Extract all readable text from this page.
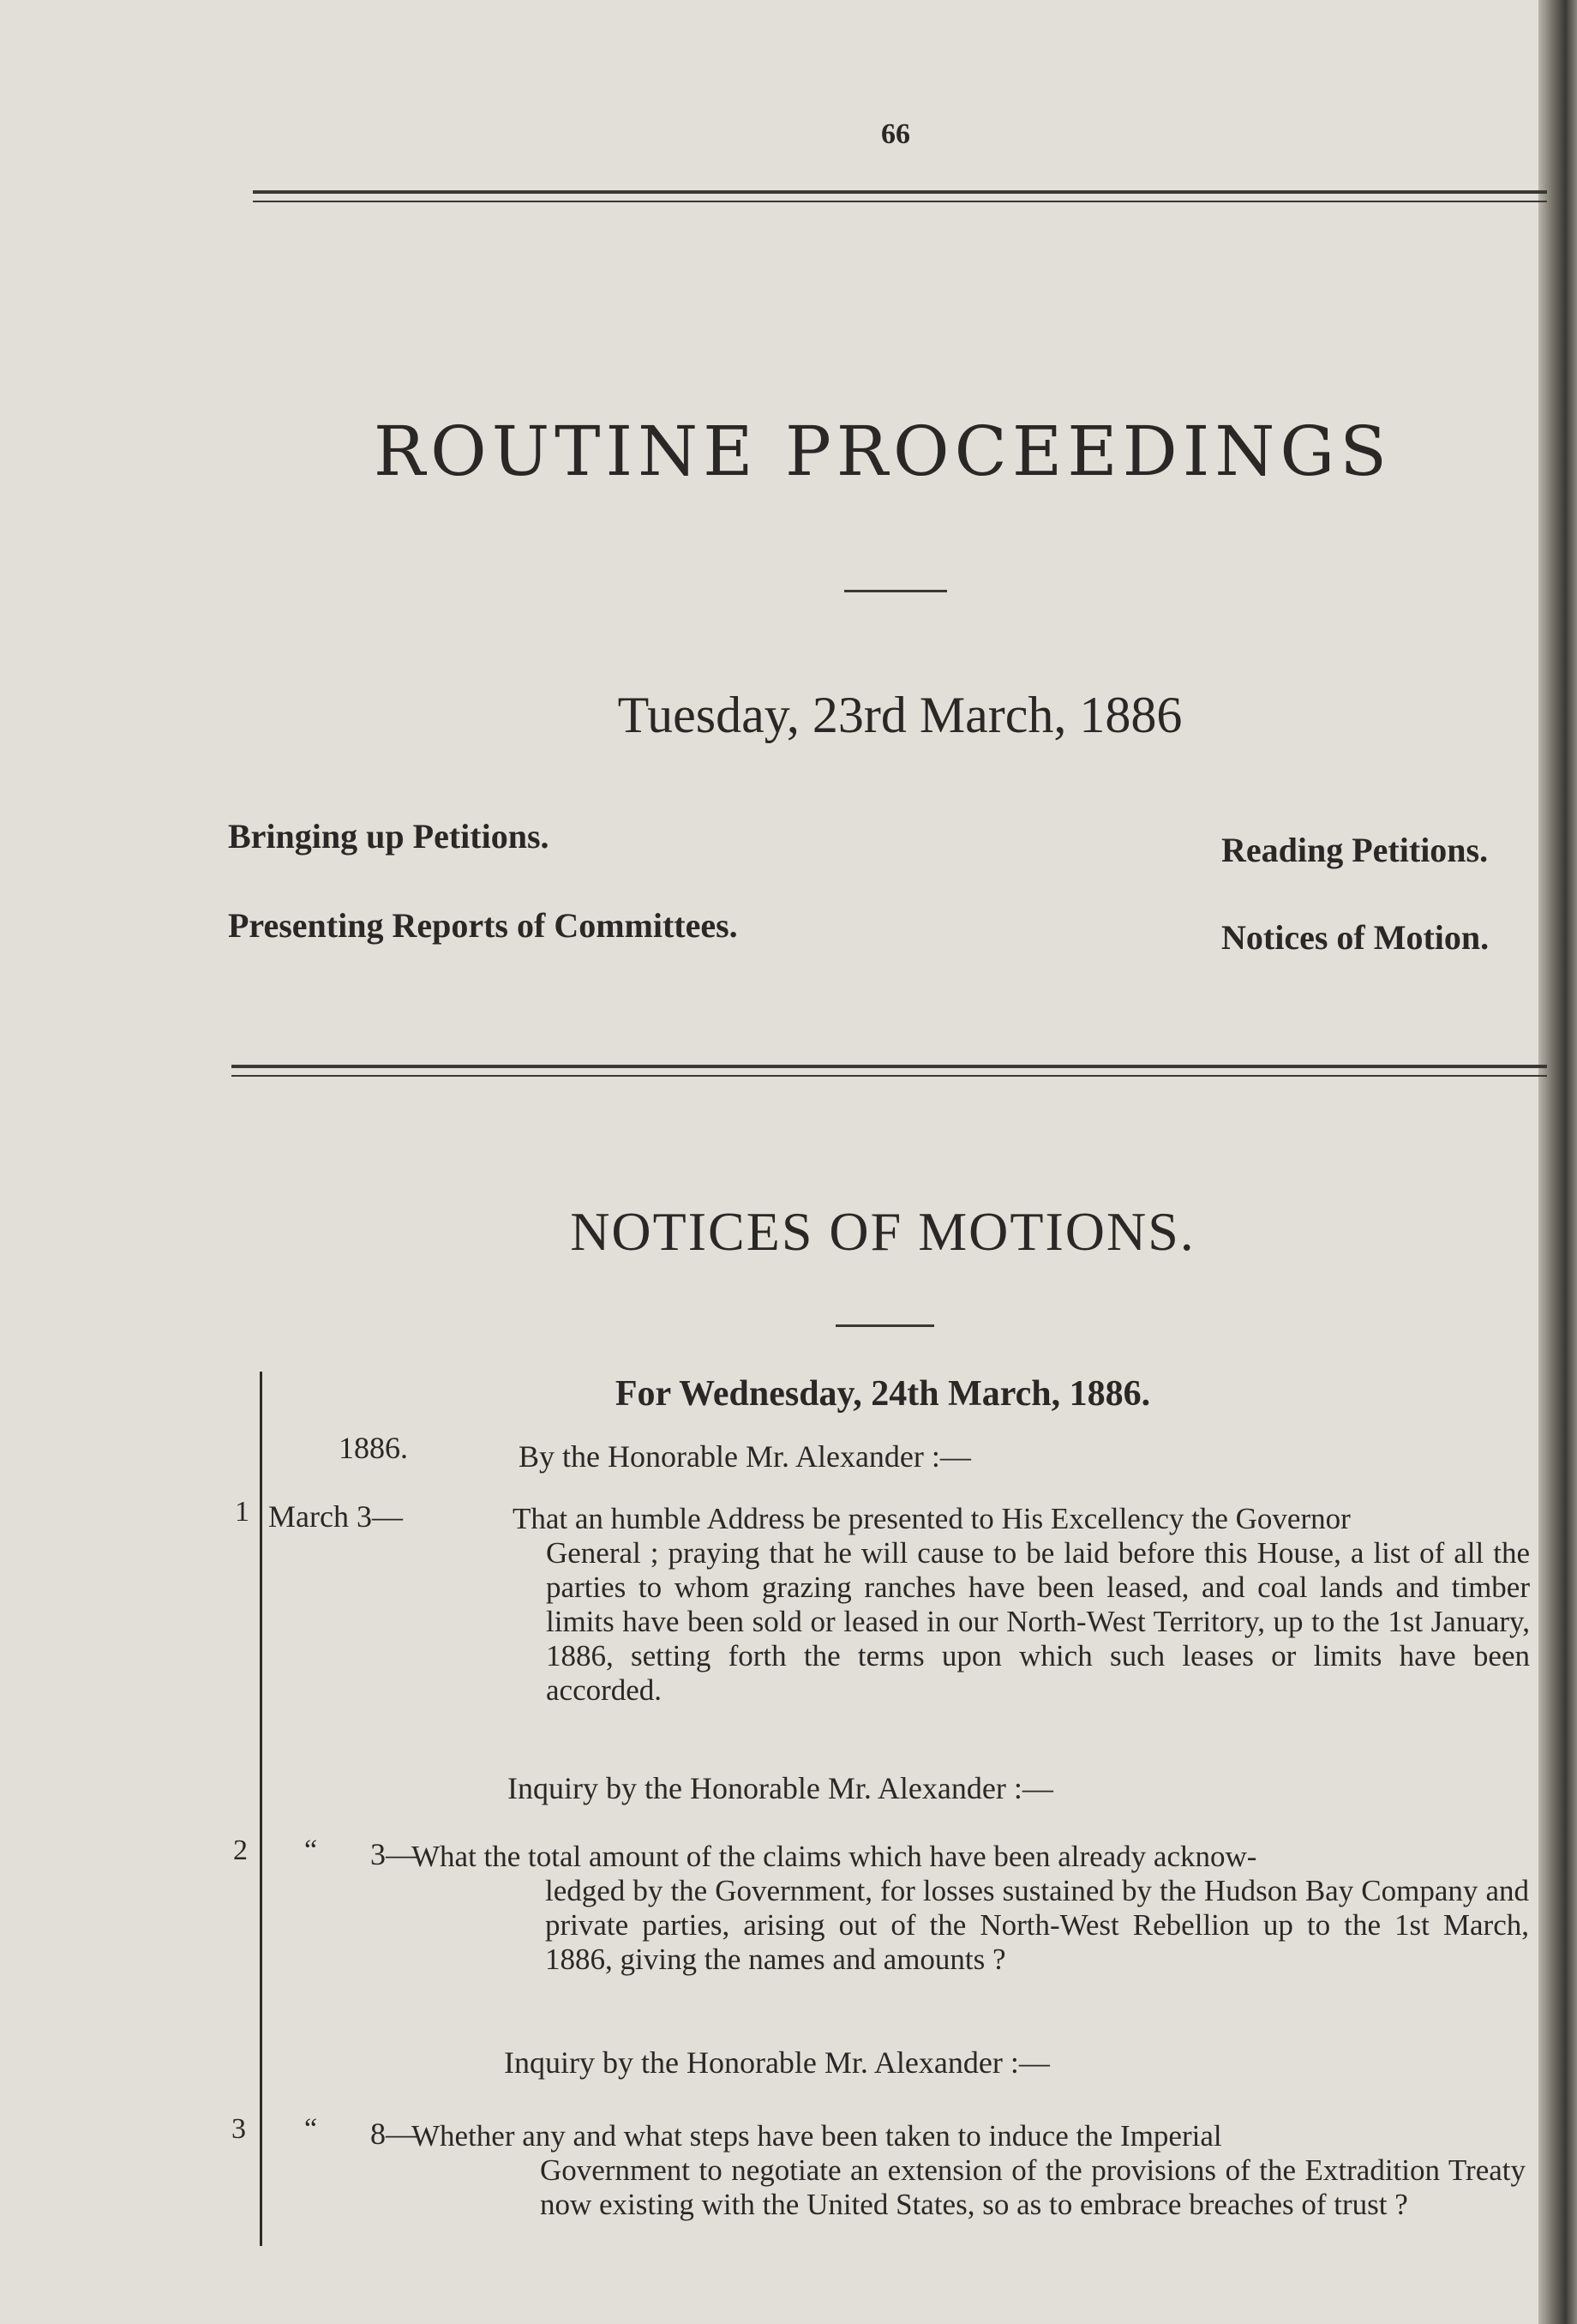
66
ROUTINE PROCEEDINGS
Tuesday, 23rd March, 1886
Bringing up Petitions.	Reading Petitions.
Presenting Reports of Committees.	Notices of Motion.
NOTICES OF MOTIONS.
For Wednesday, 24th March, 1886.
1886.	By the Honorable Mr. Alexander :—
1 March 3—	That an humble Address be presented to His Excellency the Governor
General ; praying that he will cause to be laid before this House, a list of all the parties to whom grazing ranches have been leased, and coal lands and timber limits have been sold or leased in our North-West Territory, up to the 1st January, 1886, setting forth the terms upon which such leases or limits have been accorded.
Inquiry by the Honorable Mr. Alexander :—
2 “ 3—
What the total amount of the claims which have been already acknow-
ledged by the Government, for losses sustained by the Hudson Bay Company and private parties, arising out of the North-West Rebellion up to the 1st March, 1886, giving the names and amounts ?
Inquiry by the Honorable Mr. Alexander :—
3 “ 8—
Whether any and what steps have been taken to induce the Imperial
Government to negotiate an extension of the provisions of the Extradition Treaty now existing with the United States, so as to embrace breaches of trust ?
